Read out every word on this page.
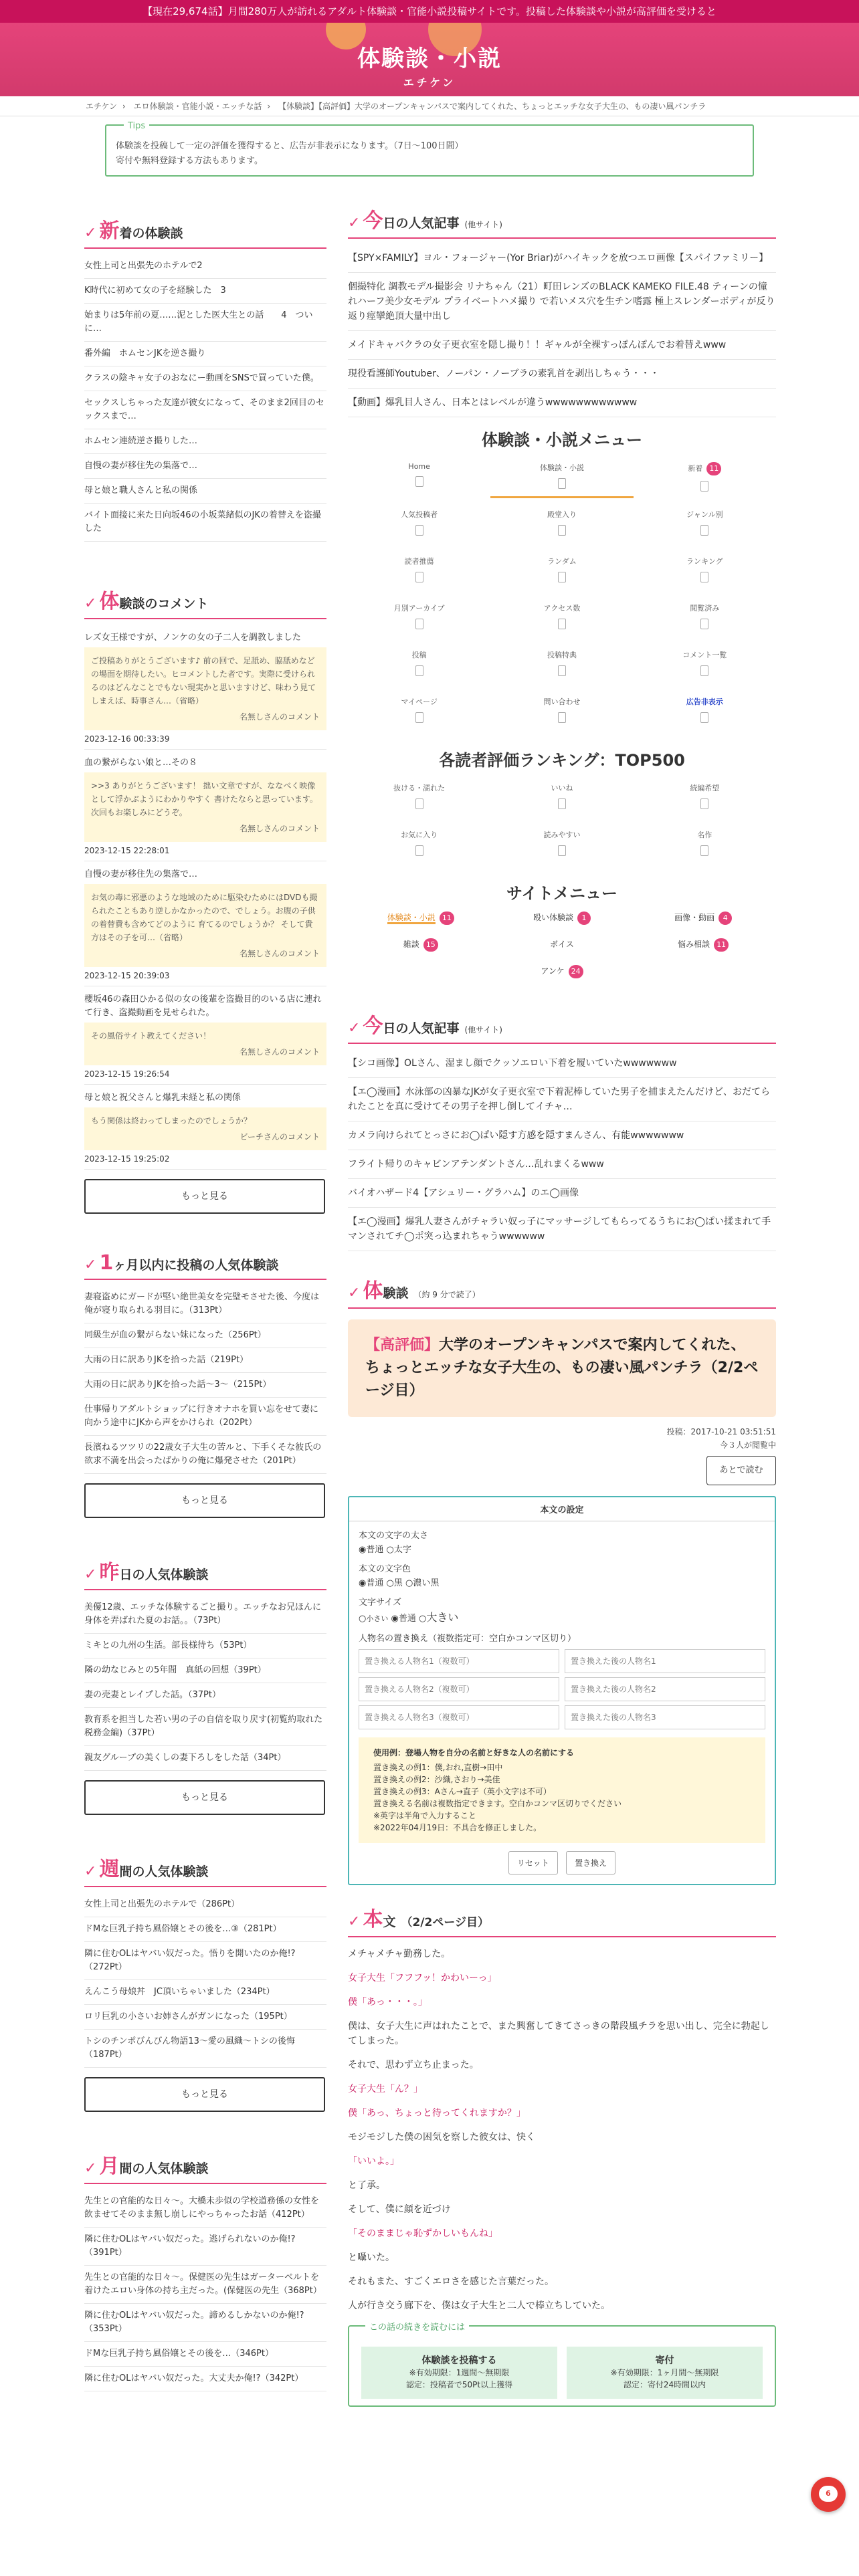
【現在29,674話】月間280万人が訪れるアダルト体験談・官能小説投稿サイトです。投稿した体験談や小説が高評価を受けると
体験談・小説
エチケン
エチケン › エロ体験談・官能小説・エッチな話 › 【体験談】【高評価】大学のオープンキャンパスで案内してくれた、ちょっとエッチな女子大生の、もの凄い風パンチラ
Tips
体験談を投稿して一定の評価を獲得すると、広告が非表示になります。（7日〜100日間）
寄付や無料登録する方法もあります。
✓ 新 着の体験談
女性上司と出張先のホテルで2
K時代に初めて女の子を経験した　3
始まりは5年前の夏……泥とした医大生との話　　4　ついに…
番外編　ホムセンJKを逆さ撮り
クラスの陰キャ女子のおなにー動画をSNSで買っていた僕。
セックスしちゃった友達が彼女になって、そのまま2回目のセックスまで…
ホムセン連続逆さ撮りした…
自慢の妻が移住先の集落で…
母と娘と職人さんと私の関係
バイト面接に来た日向坂46の小坂菜緒似のJKの着替えを盗撮した
✓ 体 験談のコメント
レズ女王様ですが、ノンケの女の子二人を調教しました
ご投稿ありがとうございます♪ 前の回で、足舐め、脇舐めなどの場面を期待したい。ヒコメントした者です。実際に受けられるのはどんなことでもない現実かと思いますけど、味わう見てしまえば、時事さん…（省略）
名無しさんのコメント
2023-12-16 00:33:39
血の繋がらない娘と…その８
>>3 ありがとうございます！ 拙い文章ですが、ななべく映像として浮かぶようにわかりやすく 書けたならと思っています。 次回もお楽しみにどうぞ。
名無しさんのコメント
2023-12-15 22:28:01
自慢の妻が移住先の集落で…
お気の毒に邪悪のような地域のために駆染むためにはDVDも撮られたこともあり逆しかなかったので、でしょう。お腹の子供の着替費も含めてどのように 育てるのでしょうか？ そして貴方はその子を可…（省略）
名無しさんのコメント
2023-12-15 20:39:03
櫻坂46の森田ひかる似の女の後輩を盗撮目的のいる店に連れて行き、盗撮動画を見せられた。
その風俗サイト教えてください！
名無しさんのコメント
2023-12-15 19:26:54
母と娘と祝父さんと爆乳未経と私の関係
もう関係は終わってしまったのでしょうか？
ビーチさんのコメント
2023-12-15 19:25:02
もっと見る
✓ 1 ヶ月以内に投稿の人気体験談
妻寝盗めにガードが堅い絶世美女を完璧モさせた後、今度は俺が寝り取られる羽目に。（313Pt）
同級生が血の繋がらない妹になった（256Pt）
大雨の日に訳ありJKを拾った話（219Pt）
大雨の日に訳ありJKを拾った話〜3〜（215Pt）
仕事帰りアダルトショップに行きオナホを買い忘をせて妻に向かう途中にJKから声をかけられ（202Pt）
長濱ねるツツリの22歳女子大生の苦ルと、下手くそな彼氏の欲求不満を出会ったばかりの俺に爆発させた（201Pt）
もっと見る
✓ 昨 日の人気体験談
美優12歳、エッチな体験するごと撮り。エッチなお兄ほんに身体を弄ばれた夏のお話。。（73Pt）
ミキとの九州の生活。部長様待ち（53Pt）
隣の幼なじみとの5年間　真紙の回想（39Pt）
妻の売妻とレイプした話。（37Pt）
教育系を担当した若い男の子の自信を取り戻す(初覧約取れた税務金編)（37Pt）
親友グループの美くしの妻下ろしをした話（34Pt）
もっと見る
✓ 週 間の人気体験談
女性上司と出張先のホテルで（286Pt）
ドMな巨乳子持ち風俗嬢とその後を…③（281Pt）
隣に住むOLはヤバい奴だった。悟りを開いたのか俺!?（272Pt）
えんこう母娘丼　JC頂いちゃいました（234Pt）
ロリ巨乳の小さいお姉さんがガンになった（195Pt）
トシのチンポびんびん物語13〜愛の風織〜トシの後悔（187Pt）
もっと見る
✓ 月 間の人気体験談
先生との官能的な日々〜。大橋未歩似の学校道務係の女性を飲ませてそのまま無し崩しにやっちゃったお話（412Pt）
隣に住むOLはヤバい奴だった。逃げられないのか俺!?（391Pt）
先生との官能的な日々〜。保健医の先生はガーターベルトを着けたエロい身体の持ち主だった。(保健医の先生（368Pt）
隣に住むOLはヤバい奴だった。諦めるしかないのか俺!?（353Pt）
ドMな巨乳子持ち風俗嬢とその後を…（346Pt）
隣に住むOLはヤバい奴だった。大丈夫か俺!?（342Pt）
✓ 今 日の人気記事 (他サイト)
【SPY×FAMILY】ヨル・フォージャー(Yor Briar)がハイキックを放つエロ画像【スパイファミリー】
個撮特化 調教モデル撮影会 リナちゃん（21）町田レンズのBLACK KAMEKO FILE.48 ティーンの憧れハーフ美少女モデル プライベートハメ撮り で若いメス穴を生チン嗜露 極上スレンダーボディが反り返り痙攣絶頂大量中出し
メイドキャバクラの女子更衣室を隠し撮り！！ギャルが全裸すっぽんぽんでお着替えwww
現役看護師Youtuber、ノーパン・ノーブラの素乳首を剥出しちゃう・・・
【動画】爆乳目人さん、日本とはレベルが違うwwwwwwwwwwww
体験談・小説メニュー
Home	体験談・小説	新着 11
人気投稿者	殿堂入り	ジャンル別
読者推薦	ランダム	ランキング
月別アーカイブ	アクセス数	閲覧済み
投稿	投稿特典	コメント一覧
マイページ	問い合わせ	広告非表示
各読者評価ランキング：TOP500
抜ける・濡れた	いいね	続編希望
お気に入り	読みやすい	名作
サイトメニュー
体験談・小説 11	殴い体験談 1	画像・動画 4
雑談 15	ボイス	悩み相談 11
アンケ 24
✓ 今 日の人気記事 (他サイト)
【シコ画像】OLさん、湿まし顔でクッソエロい下着を履いていたwwwwwww
【エ◯漫画】水泳部の凶暴なJKが女子更衣室で下着泥棒していた男子を捕まえたんだけど、おだてられたことを真に受けてその男子を押し倒してイチャ…
カメラ向けられてとっさにお◯ぱい隠す方感を隠すまんさん、有能wwwwwww
フライト帰りのキャビンアテンダントさん…乱れまくるwww
バイオハザード4【アシュリー・グラハム】のエ◯画像
【エ◯漫画】爆乳人妻さんがチャラい奴っ子にマッサージしてもらってるうちにお◯ぱい揉まれて手マンされてチ◯ポ突っ込まれちゃうwwwwww
✓ 体 験談 （約 9 分で読了）
【高評価】大学のオープンキャンパスで案内してくれた、ちょっとエッチな女子大生の、もの凄い風パンチラ（2/2ページ目）
投稿：2017-10-21 03:51:51
今３人が閲覧中
あとで読む
本文の設定
本文の文字の太さ
◉普通 ○太字
本文の文字色
◉普通 ○黒 ○濃い黒
文字サイズ
○小さい ◉普通 ○大きい
人物名の置き換え（複数指定可：空白かコンマ区切り）
置き換える人物名1（複数可）
置き換えた後の人物名1
置き換える人物名2（複数可）
置き換えた後の人物名2
置き換える人物名3（複数可）
置き換えた後の人物名3
使用例：登場人物を自分の名前と好きな人の名前にする
置き換えの例1：僕,おれ,直樹→田中
置き換えの例2：沙織,さおり→美佳
置き換えの例3：Aさん→直子（英小文字は不可）
置き換える名前は複数指定できます。空白かコンマ区切りでください
※英字は半角で入力すること
※2022年04月19日：不具合を修正しました。
リセット	置き換え
✓ 本 文 （2/2ページ目）

メチャメチャ勤務した。

女子大生「フフフッ！かわいーっ」

僕「あっ・・・。」

僕は、女子大生に声はれたことで、また興奮してきてさっきの階段風チラを思い出し、完全に勃起してしまった。

それで、思わず立ち止まった。

女子大生「ん？」

僕「あっ、ちょっと待ってくれますか？」

モジモジした僕の困気を察した彼女は、快く

「いいよ。」

と了承。

そして、僕に顔を近づけ

「そのままじゃ恥ずかしいもんね」

と囁いた。

それもまた、すごくエロさを感じた言葉だった。

人が行き交う廊下を、僕は女子大生と二人で棒立ちしていた。

この話の続きを読むには
体験談を投稿する
※有効期限：1週間〜無期限
認定：投稿者で50Pt以上獲得
寄付
※有効期限：1ヶ月間〜無期限
認定：寄付24時間以内
6
